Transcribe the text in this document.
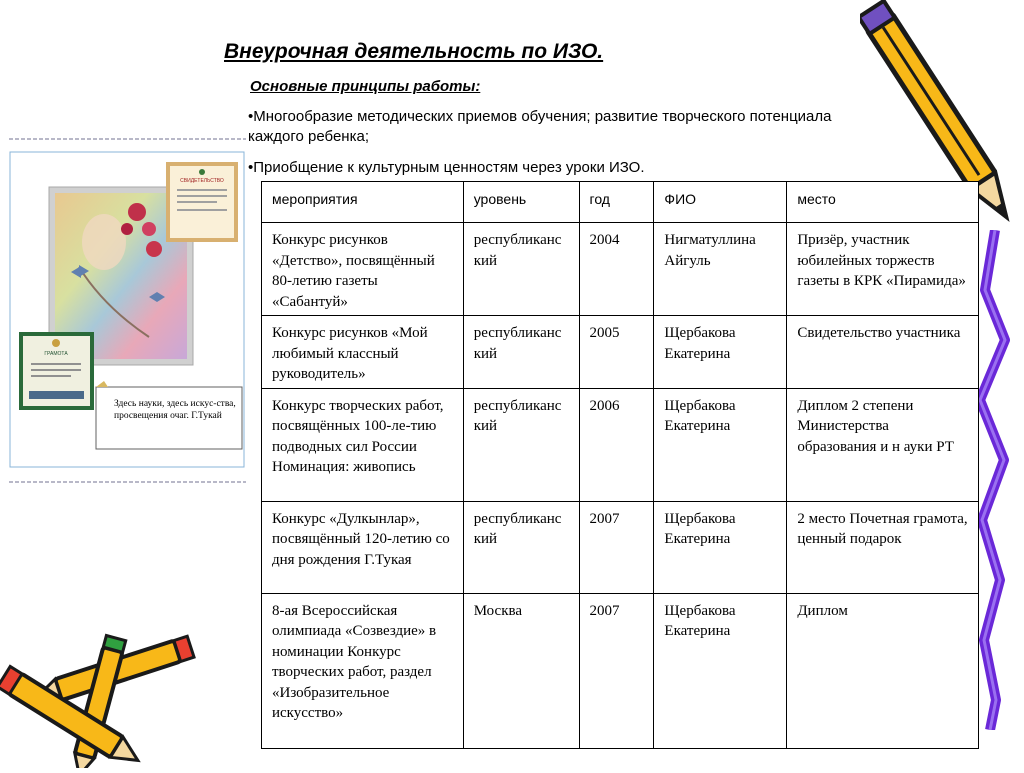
СВИДЕТЕЛЬСТВО
ГРАМОТА
Здесь науки, здесь искус-ства, просвещения очаг. Г.Тукай
Внеурочная деятельность по ИЗО.
Основные принципы работы:
•Многообразие методических приемов обучения; развитие творческого потенциала каждого ребенка;
•Приобщение к культурным ценностям через уроки ИЗО.
мероприятия	уровень	год	ФИО	место
Конкурс рисунков «Детство», посвящённый 80-летию газеты «Сабантуй»	республиканский	2004	Нигматуллина Айгуль	Призёр, участник юбилейных торжеств газеты в КРК «Пирамида»
Конкурс рисунков «Мой любимый классный руководитель»	республиканский	2005	Щербакова Екатерина	Свидетельство участника
Конкурс творческих работ, посвящённых 100-ле-тию подводных сил России Номинация: живопись	республиканский	2006	Щербакова Екатерина	Диплом 2 степени Министерства образования и н ауки РТ
Конкурс «Дулкынлар», посвящённый 120-летию со дня рождения Г.Тукая	республиканский	2007	Щербакова Екатерина	2 место Почетная грамота, ценный подарок
8-ая Всероссийская олимпиада «Созвездие» в номинации Конкурс творческих работ, раздел «Изобразительное искусство»	Москва	2007	Щербакова Екатерина	Диплом
